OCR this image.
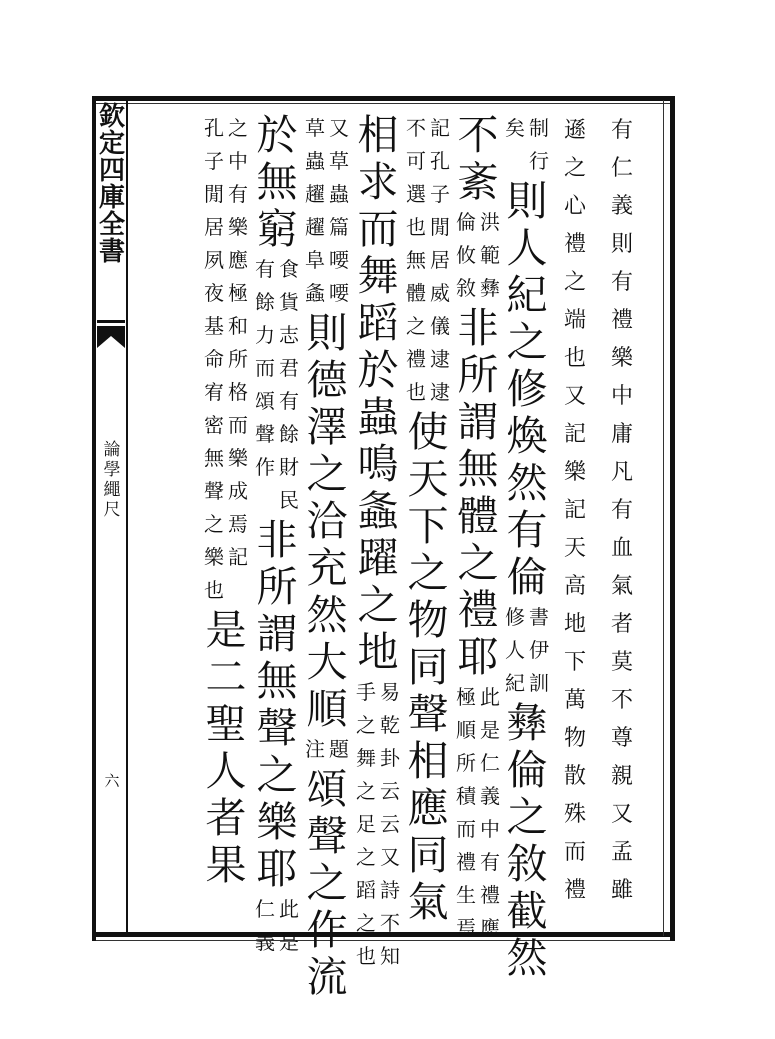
欽
定
四
庫
全
書
論
學
繩
尺
六
有
仁
義
則
有
禮
樂
中
庸
凡
有
血
氣
者
莫
不
尊
親
又
孟
雖
遜
之
心
禮
之
端
也
又
記
樂
記
天
高
地
下
萬
物
散
殊
而
禮
制
行
矣
則
人
紀
之
修
煥
然
有
倫
書
伊
訓
修
人
紀
彝
倫
之
敘
截
然
不
紊
洪
範
彝
倫
攸
敘
非
所
謂
無
體
之
禮
耶
此
是
仁
義
中
有
禮
應
極
順
所
積
而
禮
生
焉
記
孔
子
閒
居
威
儀
逮
逮
不
可
選
也
無
體
之
禮
也
使
天
下
之
物
同
聲
相
應
同
氣
相
求
而
舞
蹈
於
蟲
鳴
螽
躍
之
地
易
乾
卦
云
云
又
詩
不
知
手
之
舞
之
足
之
蹈
之
也
又
草
蟲
篇
喓
喓
草
蟲
趯
趯
阜
螽
則
德
澤
之
洽
充
然
大
順
題
注
頌
聲
之
作
流
於
無
窮
食
貨
志
君
有
餘
財
民
有
餘
力
而
頌
聲
作
非
所
謂
無
聲
之
樂
耶
此
是
仁
義
之
中
有
樂
應
極
和
所
格
而
樂
成
焉
記
孔
子
閒
居
夙
夜
基
命
宥
密
無
聲
之
樂
也
是
二
聖
人
者
果
